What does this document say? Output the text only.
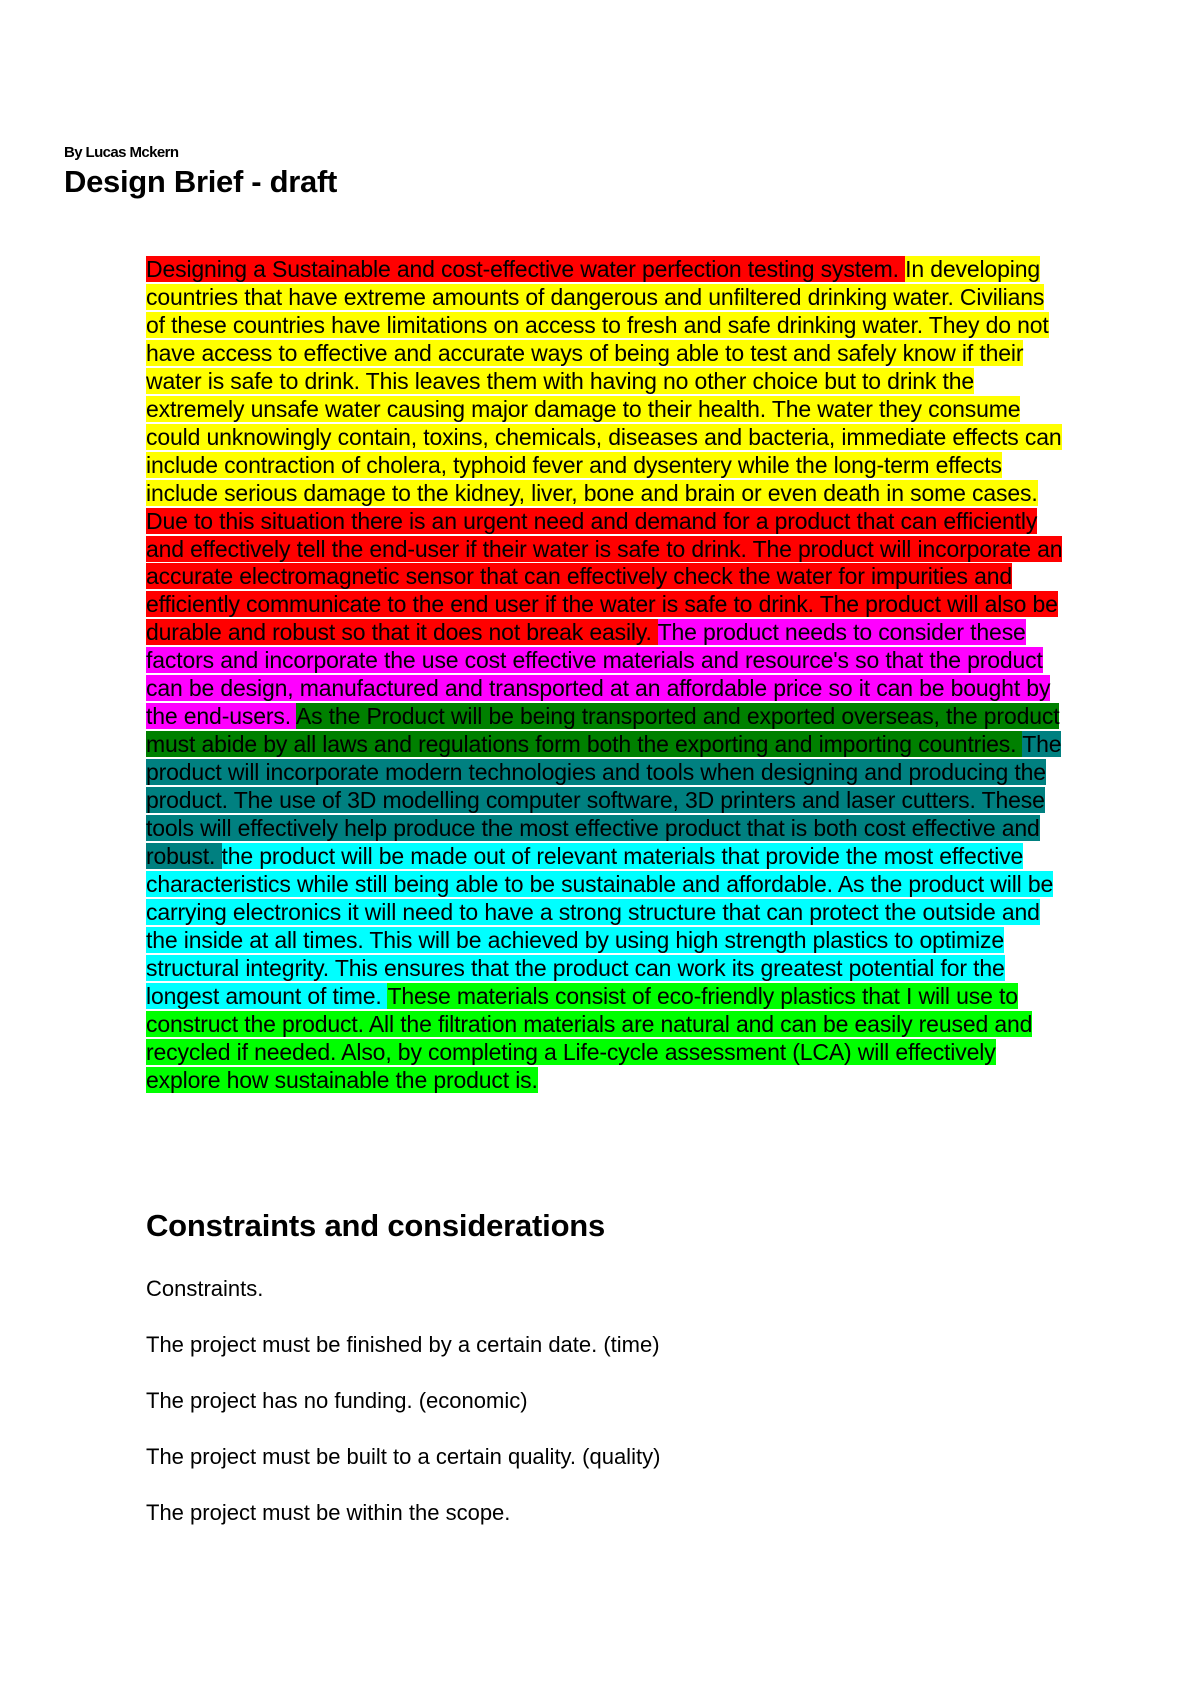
By Lucas Mckern
Design Brief - draft

Designing a Sustainable and cost-effective water perfection testing system. In developing countries that have extreme amounts of dangerous and unfiltered drinking water. Civilians of these countries have limitations on access to fresh and safe drinking water. They do not have access to effective and accurate ways of being able to test and safely know if their water is safe to drink. This leaves them with having no other choice but to drink the extremely unsafe water causing major damage to their health. The water they consume could unknowingly contain, toxins, chemicals, diseases and bacteria, immediate effects can include contraction of cholera, typhoid fever and dysentery while the long-term effects include serious damage to the kidney, liver, bone and brain or even death in some cases. Due to this situation there is an urgent need and demand for a product that can efficiently and effectively tell the end-user if their water is safe to drink. The product will incorporate an accurate electromagnetic sensor that can effectively check the water for impurities and efficiently communicate to the end user if the water is safe to drink. The product will also be durable and robust so that it does not break easily. The product needs to consider these factors and incorporate the use cost effective materials and resource's so that the product can be design, manufactured and transported at an affordable price so it can be bought by the end-users. As the Product will be being transported and exported overseas, the product must abide by all laws and regulations form both the exporting and importing countries. The product will incorporate modern technologies and tools when designing and producing the product. The use of 3D modelling computer software, 3D printers and laser cutters. These tools will effectively help produce the most effective product that is both cost effective and robust. the product will be made out of relevant materials that provide the most effective characteristics while still being able to be sustainable and affordable. As the product will be carrying electronics it will need to have a strong structure that can protect the outside and the inside at all times. This will be achieved by using high strength plastics to optimize structural integrity. This ensures that the product can work its greatest potential for the longest amount of time. These materials consist of eco-friendly plastics that I will use to construct the product. All the filtration materials are natural and can be easily reused and recycled if needed. Also, by completing a Life-cycle assessment (LCA) will effectively explore how sustainable the product is.

Constraints and considerations

Constraints.

The project must be finished by a certain date. (time)
The project has no funding. (economic)
The project must be built to a certain quality. (quality)
The project must be within the scope.
